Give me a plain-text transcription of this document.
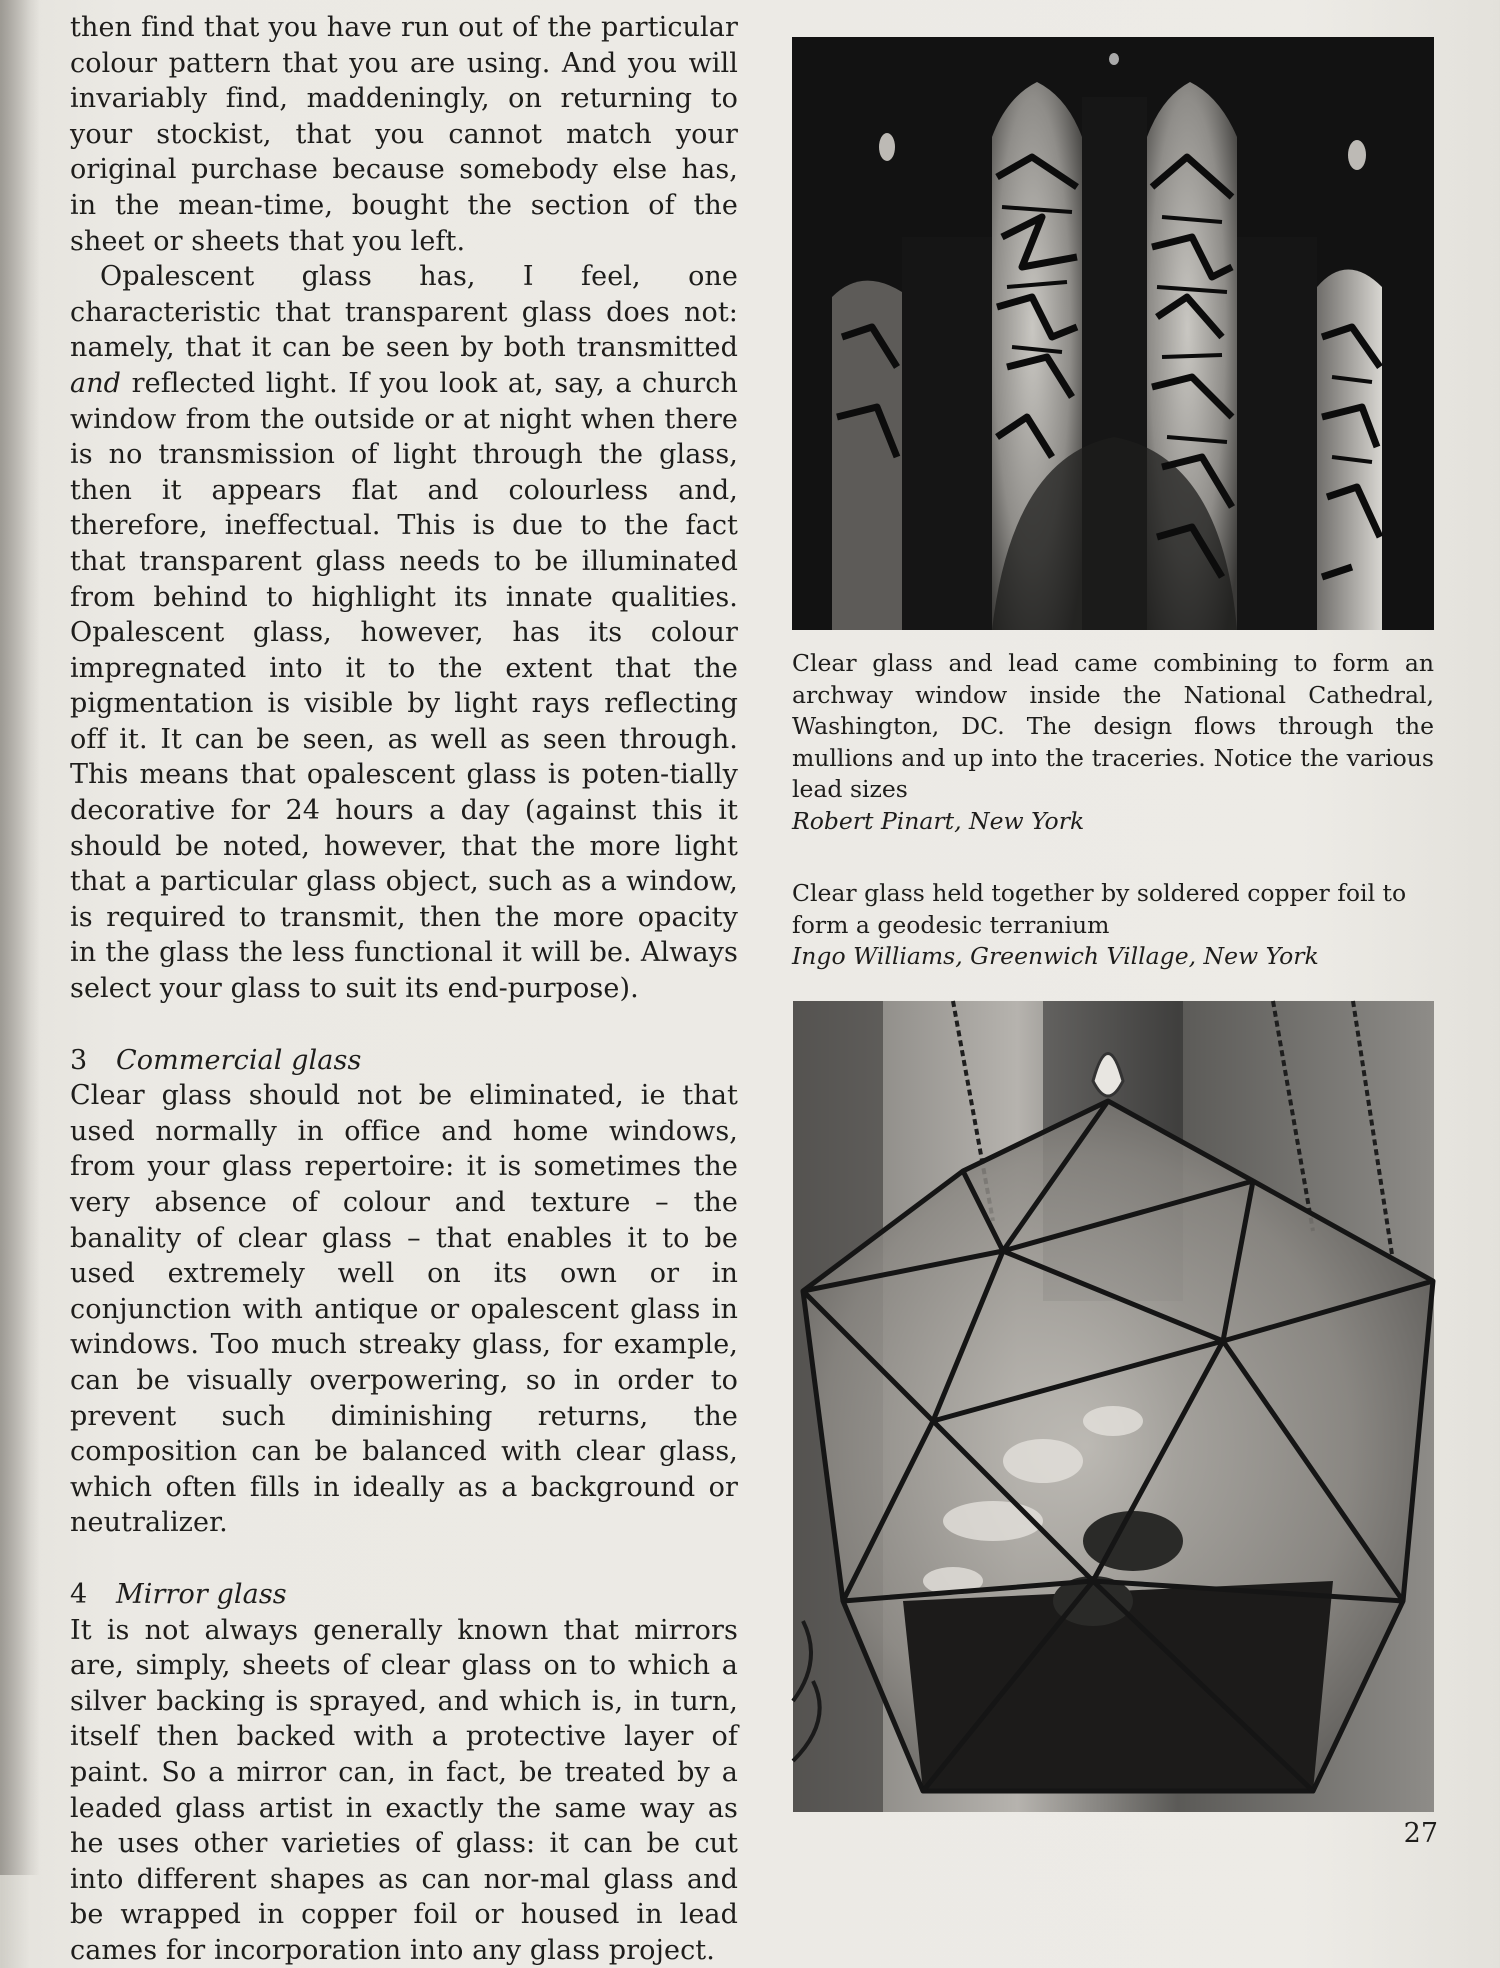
then find that you have run out of the particular colour pattern that you are using. And you will invariably find, maddeningly, on returning to your stockist, that you cannot match your original purchase because somebody else has, in the mean-time, bought the section of the sheet or sheets that you left.

Opalescent glass has, I feel, one characteristic that transparent glass does not: namely, that it can be seen by both transmitted and reflected light. If you look at, say, a church window from the outside or at night when there is no transmission of light through the glass, then it appears flat and colourless and, therefore, ineffectual. This is due to the fact that transparent glass needs to be illuminated from behind to highlight its innate qualities. Opalescent glass, however, has its colour impregnated into it to the extent that the pigmentation is visible by light rays reflecting off it. It can be seen, as well as seen through. This means that opalescent glass is poten-tially decorative for 24 hours a day (against this it should be noted, however, that the more light that a particular glass object, such as a window, is required to transmit, then the more opacity in the glass the less functional it will be. Always select your glass to suit its end-purpose).

3 Commercial glass

Clear glass should not be eliminated, ie that used normally in office and home windows, from your glass repertoire: it is sometimes the very absence of colour and texture – the banality of clear glass – that enables it to be used extremely well on its own or in conjunction with antique or opalescent glass in windows. Too much streaky glass, for example, can be visually overpowering, so in order to prevent such diminishing returns, the composition can be balanced with clear glass, which often fills in ideally as a background or neutralizer.

4 Mirror glass

It is not always generally known that mirrors are, simply, sheets of clear glass on to which a silver backing is sprayed, and which is, in turn, itself then backed with a protective layer of paint. So a mirror can, in fact, be treated by a leaded glass artist in exactly the same way as he uses other varieties of glass: it can be cut into different shapes as can nor-mal glass and be wrapped in copper foil or housed in lead cames for incorporation into any glass project.

Clear glass and lead came combining to form an archway window inside the National Cathedral, Washington, DC. The design flows through the mullions and up into the traceries. Notice the various lead sizes
Robert Pinart, New York
Clear glass held together by soldered copper foil to form a geodesic terranium
Ingo Williams, Greenwich Village, New York
27
